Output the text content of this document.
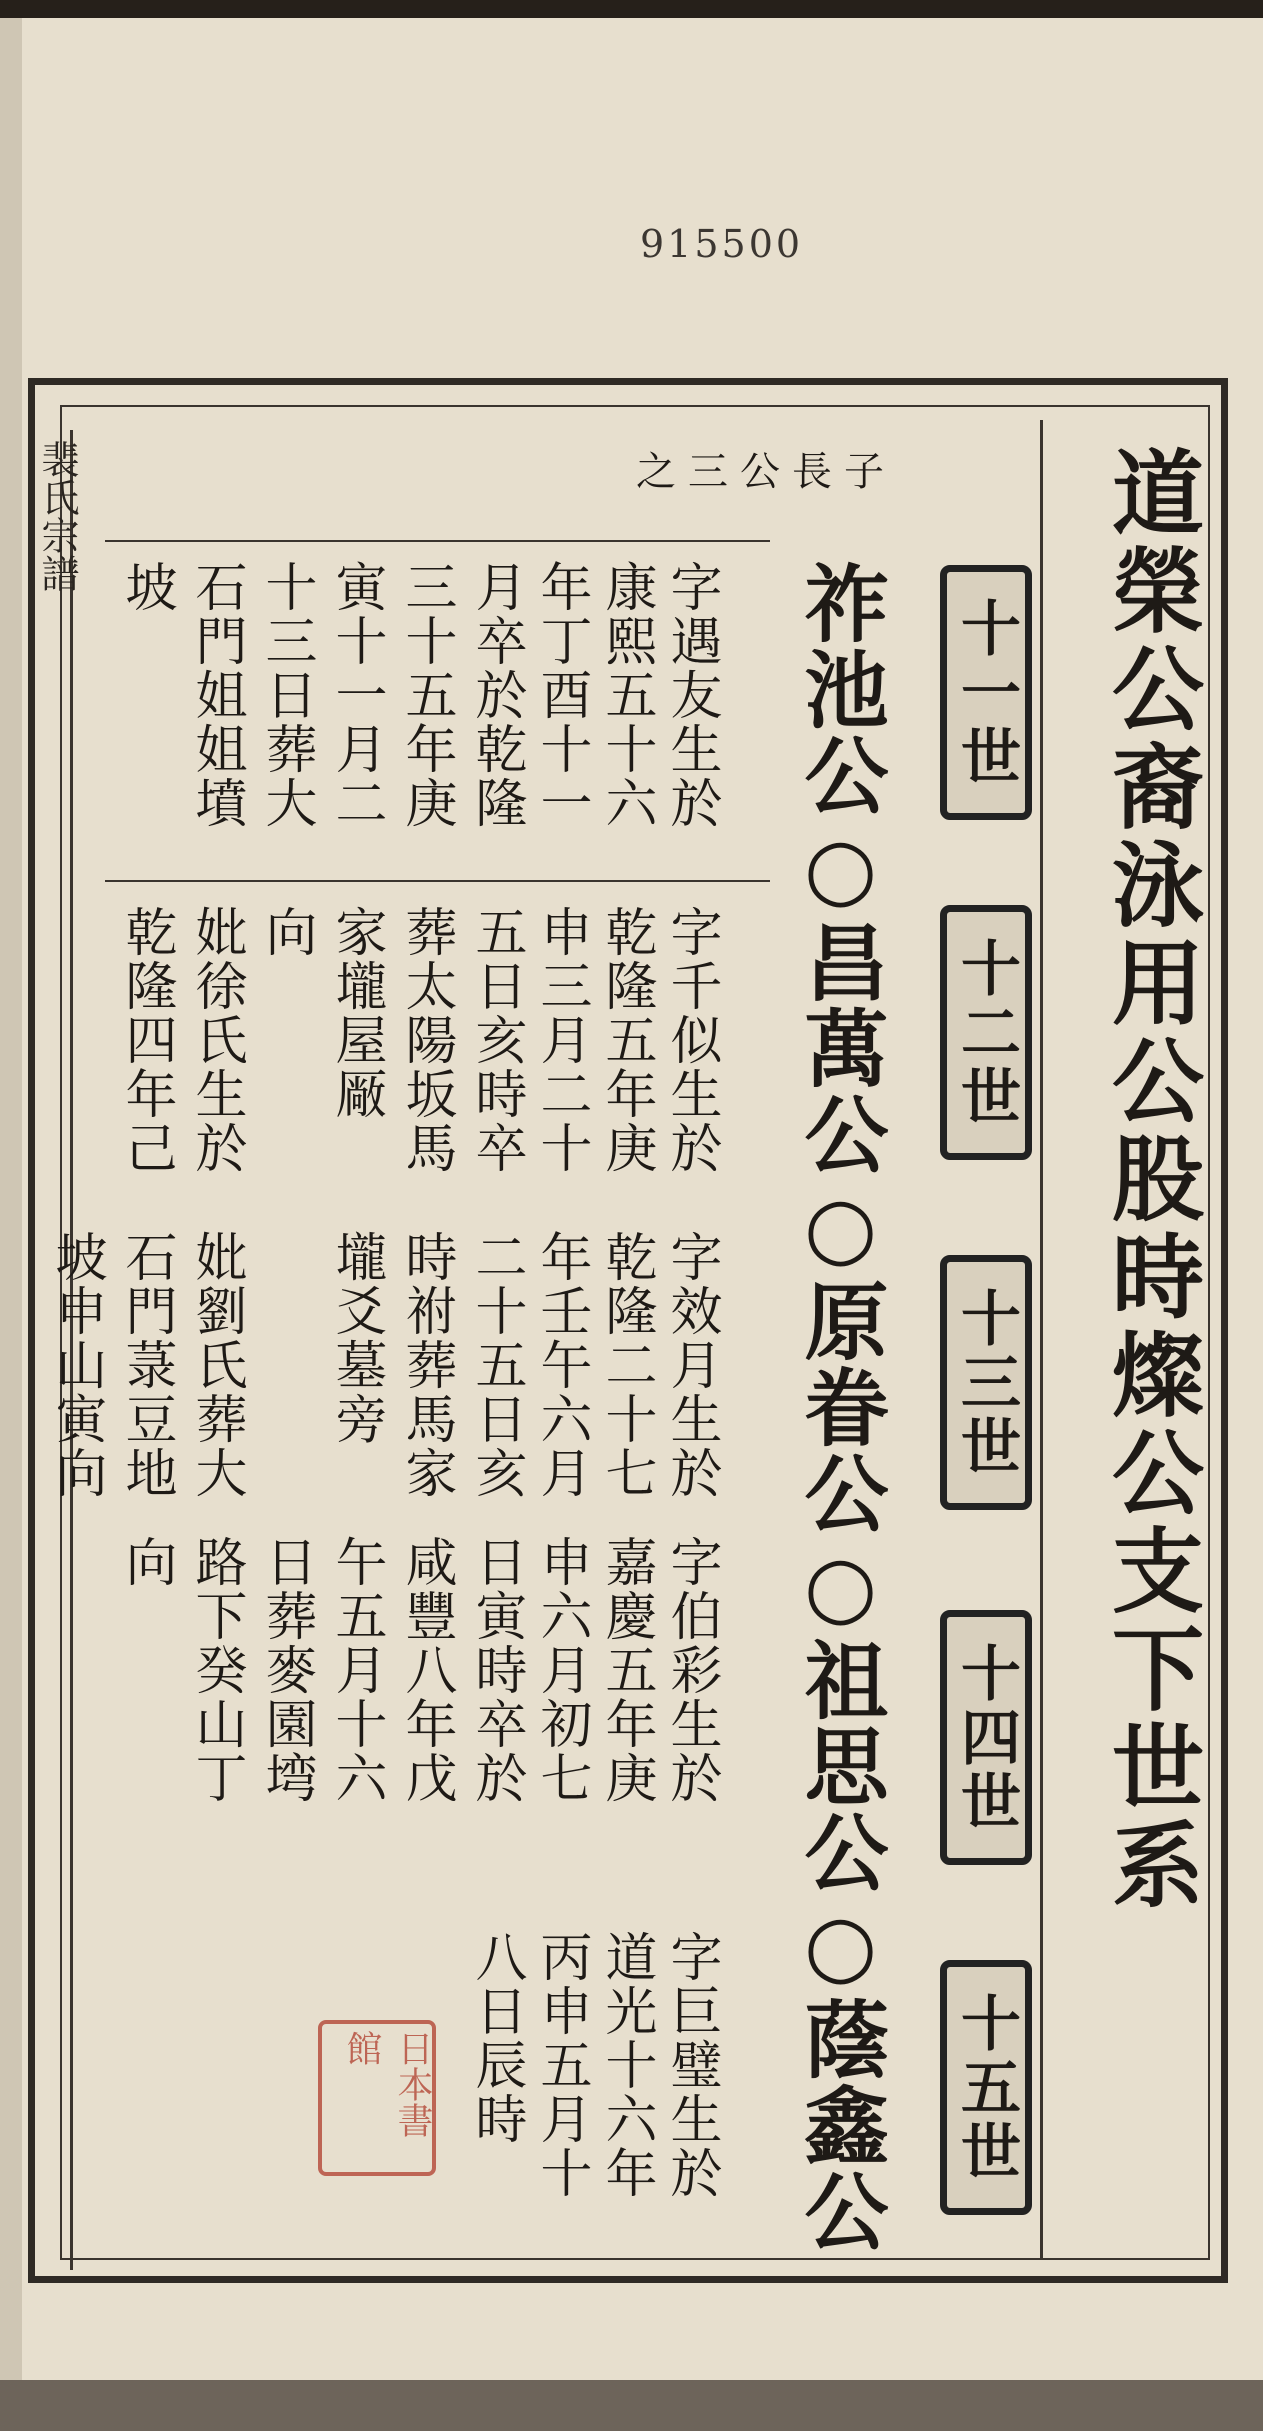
915500
裴氏宗譜	道榮公裔泳用公股時燦公支下世系
十一世
十二世
十三世
十四世
十五世
祚池公○昌萬公○原眷公○祖思公○蔭鑫公
之三公長子
字遇友生於
康熙五十六
年丁酉十一
月卒於乾隆
三十五年庚
寅十一月二
十三日葬大
石門姐姐墳
坡
字千似生於
乾隆五年庚
申三月二十
五日亥時卒
葬太陽坂馬
家壠屋厰
向
妣徐氏生於
乾隆四年己
字效月生於
乾隆二十七
年壬午六月
二十五日亥
時祔葬馬家
壠爻墓旁
妣劉氏葬大
石門菉豆地
坡申山寅向
字伯彩生於
嘉慶五年庚
申六月初七
日寅時卒於
咸豐八年戊
午五月十六
日葬麥園塆
路下癸山丁
向
字巨璧生於
道光十六年
丙申五月十
八日辰時
日本書館
